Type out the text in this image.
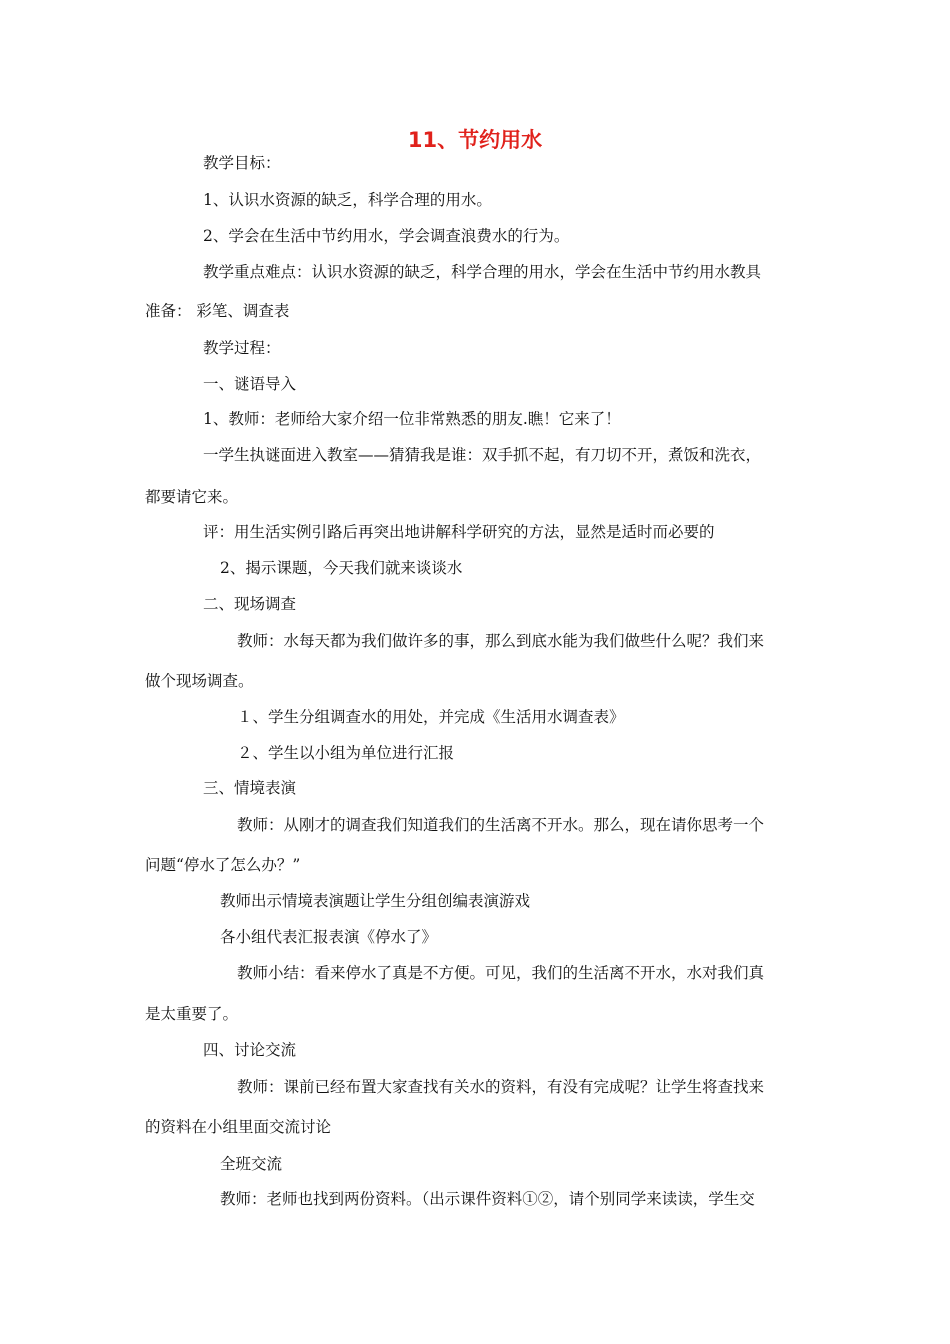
11、节约用水
教学目标：
1、认识水资源的缺乏，科学合理的用水。
2、学会在生活中节约用水，学会调查浪费水的行为。
教学重点难点：认识水资源的缺乏，科学合理的用水，学会在生活中节约用水教具
准备： 彩笔、调查表
教学过程：
一、谜语导入
1、教师：老师给大家介绍一位非常熟悉的朋友.瞧！它来了！
一学生执谜面进入教室——猜猜我是谁：双手抓不起，有刀切不开，煮饭和洗衣，
都要请它来。
评：用生活实例引路后再突出地讲解科学研究的方法，显然是适时而必要的
2、揭示课题，今天我们就来谈谈水
二、现场调查
教师：水每天都为我们做许多的事，那么到底水能为我们做些什么呢？我们来
做个现场调查。
１、学生分组调查水的用处，并完成《生活用水调查表》
２、学生以小组为单位进行汇报
三、情境表演
教师：从刚才的调查我们知道我们的生活离不开水。那么，现在请你思考一个
问题“停水了怎么办？”
教师出示情境表演题让学生分组创编表演游戏
各小组代表汇报表演《停水了》
教师小结：看来停水了真是不方便。可见，我们的生活离不开水，水对我们真
是太重要了。
四、讨论交流
教师：课前已经布置大家查找有关水的资料，有没有完成呢？让学生将查找来
的资料在小组里面交流讨论
全班交流
教师：老师也找到两份资料。（出示课件资料①②，请个别同学来读读，学生交
